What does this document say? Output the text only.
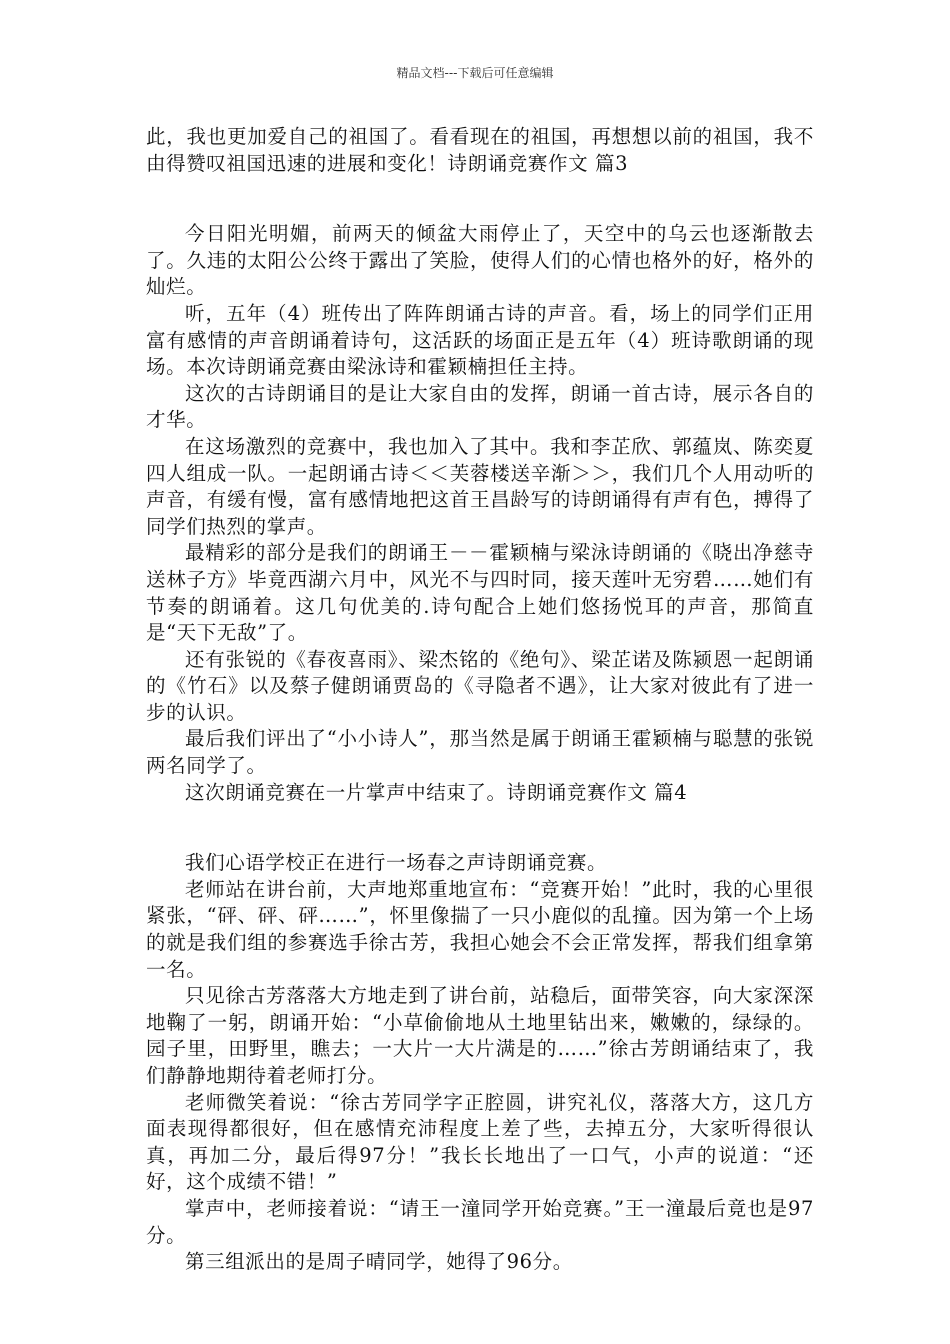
精品文档---下载后可任意编辑

此，我也更加爱自己的祖国了。看看现在的祖国，再想想以前的祖国，我不由得赞叹祖国迅速的进展和变化！诗朗诵竞赛作文 篇3

今日阳光明媚，前两天的倾盆大雨停止了，天空中的乌云也逐渐散去了。久违的太阳公公终于露出了笑脸，使得人们的心情也格外的好，格外的灿烂。

听，五年（4）班传出了阵阵朗诵古诗的声音。看，场上的同学们正用富有感情的声音朗诵着诗句，这活跃的场面正是五年（4）班诗歌朗诵的现场。本次诗朗诵竞赛由梁泳诗和霍颖楠担任主持。

这次的古诗朗诵目的是让大家自由的发挥，朗诵一首古诗，展示各自的才华。

在这场激烈的竞赛中，我也加入了其中。我和李芷欣、郭蕴岚、陈奕夏四人组成一队。一起朗诵古诗＜＜芙蓉楼送辛渐＞＞，我们几个人用动听的声音，有缓有慢，富有感情地把这首王昌龄写的诗朗诵得有声有色，搏得了同学们热烈的掌声。

最精彩的部分是我们的朗诵王－－霍颖楠与梁泳诗朗诵的《晓出净慈寺送林子方》毕竟西湖六月中，风光不与四时同，接天莲叶无穷碧……她们有节奏的朗诵着。这几句优美的.诗句配合上她们悠扬悦耳的声音，那简直是“天下无敌”了。

还有张锐的《春夜喜雨》、梁杰铭的《绝句》、梁芷诺及陈颍恩一起朗诵的《竹石》以及蔡子健朗诵贾岛的《寻隐者不遇》，让大家对彼此有了进一步的认识。

最后我们评出了“小小诗人”，那当然是属于朗诵王霍颖楠与聪慧的张锐两名同学了。

这次朗诵竞赛在一片掌声中结束了。诗朗诵竞赛作文 篇4

我们心语学校正在进行一场春之声诗朗诵竞赛。

老师站在讲台前，大声地郑重地宣布：“竞赛开始！”此时，我的心里很紧张，“砰、砰、砰……”，怀里像揣了一只小鹿似的乱撞。因为第一个上场的就是我们组的参赛选手徐古芳，我担心她会不会正常发挥，帮我们组拿第一名。

只见徐古芳落落大方地走到了讲台前，站稳后，面带笑容，向大家深深地鞠了一躬，朗诵开始：“小草偷偷地从土地里钻出来，嫩嫩的，绿绿的。园子里，田野里，瞧去；一大片一大片满是的……”徐古芳朗诵结束了，我们静静地期待着老师打分。

老师微笑着说：“徐古芳同学字正腔圆，讲究礼仪，落落大方，这几方面表现得都很好，但在感情充沛程度上差了些，去掉五分，大家听得很认真，再加二分，最后得97分！”我长长地出了一口气，小声的说道：“还好，这个成绩不错！”

掌声中，老师接着说：“请王一潼同学开始竞赛。”王一潼最后竟也是97分。

第三组派出的是周子晴同学，她得了96分。
